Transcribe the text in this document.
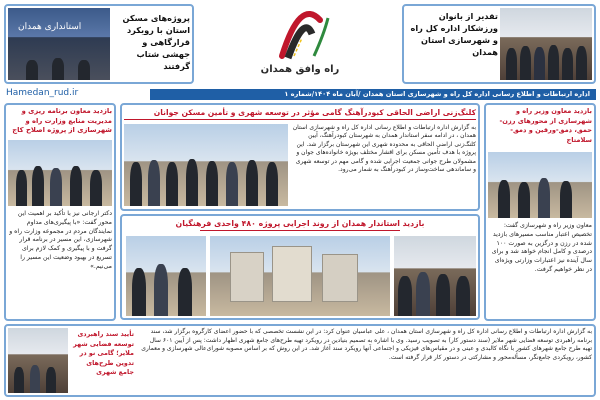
استانداری همدان
پروژه‌های مسکن استان با رویکرد قرارگاهی و جهشی شتاب گرفتند	راه وافق همدان
تقدیر از بانوان ورزشکار اداره کل راه و شهرسازی استان همدان
Hamedan_rud.ir	اداره ارتباطات و اطلاع رسانی اداره کل راه و شهرسازی استان همدان /آبان ماه ۱۴۰۴/شماره ۱
بازدید معاون برنامه ریزی و مدیریت منابع وزارت راه و شهرسازی از پروژه اصلاح کاج
دکتر ارجانی نیز با تأکید بر اهمیت این محور گفت: «با پیگیری‌های مداوم نمایندگان مردم در مجموعه وزارت راه و شهرسازی، این مسیر در برنامه قرار گرفت و با پیگیری و کمک لازم برای تسریع در بهبود وضعیت این مسیر را می‌نیم.»
بازدید معاون وزیر راه و شهرسازی از محورهای رزن-حمق، دمق-ورقین و دمق-سلامتاج
معاون وزیر راه و شهرسازی گفت: تخصیص اعتبار مناسب مسیرهای بازدید شده در رزن و درگزین به صورت ۱۰۰ درصدی و کامل انجام خواهد شد و برای سال آینده نیز اعتبارات وزارتی ویژه‌ای در نظر خواهیم گرفت.
کلنگ‌زنی اراضی الحاقی کبودرآهنگ گامی مؤثر در توسعه شهری و تأمین مسکن جوانان
به گزارش اداره ارتباطات و اطلاع رسانی اداره کل راه و شهرسازی استان همدان ، در ادامه سفر استاندار همدان به شهرستان کبودرآهنگ، آیین کلنگ‌زنی اراضی الحاقی به محدوده شهری این شهرستان برگزار شد. این پروژه با هدف تأمین مسکن برای اقشار مختلف بویژه خانواده‌های جوان و مشمولان طرح جوانی جمعیت اجرایی شده و گامی مهم در توسعه شهری و ساماندهی ساخت‌وساز در کبودرآهنگ به شمار می‌رود.
بازدید استاندار همدان از روند اجرایی پروژه ۴۸۰ واحدی فرهنگیان
تأیید سند راهبردی توسعه فضایی شهر ملایر؛ گامی نو در تدوین طرح‌های جامع شهری
به گزارش اداره ارتباطات و اطلاع رسانی اداره کل راه و شهرسازی استان همدان ، علی عباسیان عنوان کرد: در این نشست تخصصی که با حضور اعضای کارگروه برگزار شد، سند برنامه راهبردی توسعه فضایی شهر ملایر (سند دستور کار) به تصویب رسید. وی با اشاره به تصمیم بنیادین در رویکرد تهیه طرح‌های جامع شهری اظهار داشت: پس از آیین ۶۰۱ سال تهیه طرح جامع شهرهای کشور با نگاه کالبدی و عینی و در مقیاس‌های فیزیکی و اجتماعی آنها رویکرد سند آغاز شد. در این روش که بر اساس مصوبه شورای‌عالی شهرسازی و معماری کشور، رویکردی جامع‌نگر، مسأله‌محور و مشارکتی در دستور کار قرار گرفته است.
